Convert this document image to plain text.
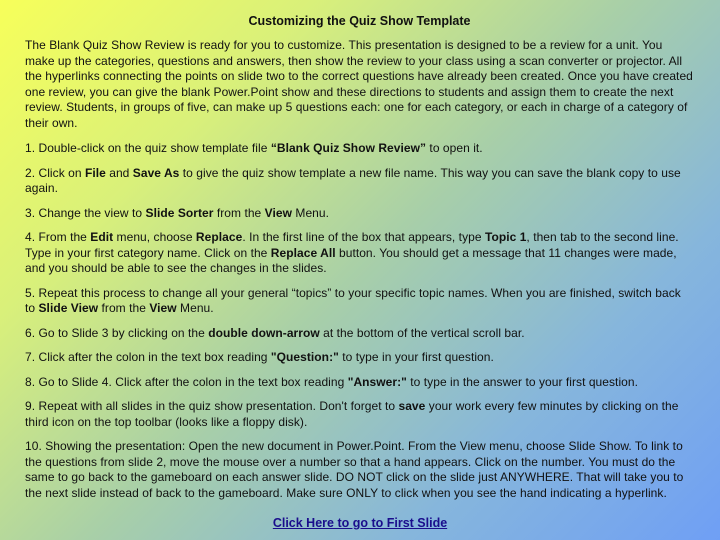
Customizing the Quiz Show Template

The Blank Quiz Show Review is ready for you to customize. This presentation is designed to be a review for a unit. You make up the categories, questions and answers, then show the review to your class using a scan converter or projector. All the hyperlinks connecting the points on slide two to the correct questions have already been created. Once you have created one review, you can give the blank Power.Point show and these directions to students and assign them to create the next review. Students, in groups of five, can make up 5 questions each: one for each category, or each in charge of a category of their own.

1. Double-click on the quiz show template file “Blank Quiz Show Review” to open it.

2. Click on File and Save As to give the quiz show template a new file name. This way you can save the blank copy to use again.

3. Change the view to Slide Sorter from the View Menu.

4. From the Edit menu, choose Replace. In the first line of the box that appears, type Topic 1, then tab to the second line. Type in your first category name. Click on the Replace All button. You should get a message that 11 changes were made, and you should be able to see the changes in the slides.

5. Repeat this process to change all your general “topics” to your specific topic names. When you are finished, switch back to Slide View from the View Menu.

6. Go to Slide 3 by clicking on the double down-arrow at the bottom of the vertical scroll bar.

7. Click after the colon in the text box reading "Question:" to type in your first question.

8. Go to Slide 4. Click after the colon in the text box reading "Answer:" to type in the answer to your first question.

9. Repeat with all slides in the quiz show presentation. Don't forget to save your work every few minutes by clicking on the third icon on the top toolbar (looks like a floppy disk).

10. Showing the presentation: Open the new document in Power.Point. From the View menu, choose Slide Show. To link to the questions from slide 2, move the mouse over a number so that a hand appears. Click on the number. You must do the same to go back to the gameboard on each answer slide. DO NOT click on the slide just ANYWHERE. That will take you to the next slide instead of back to the gameboard. Make sure ONLY to click when you see the hand indicating a hyperlink.

Click Here to go to First Slide
